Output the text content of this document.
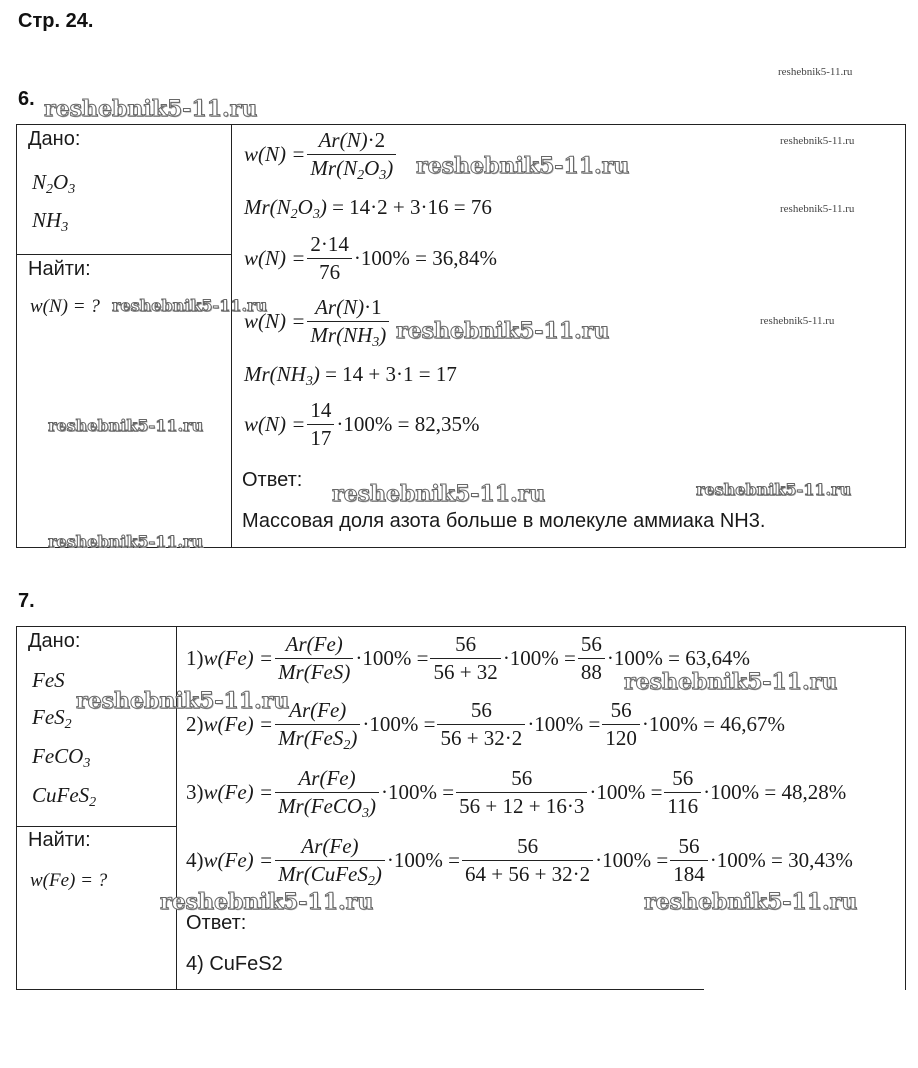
Стр. 24.
6.
Дано:
$N_2O_3$
$NH_3$
Найти:
w(N) = ?
$w(N) = \frac{Ar(N)\cdot 2}{Mr(N_2O_3)}$
$Mr(N_2O_3) = 14\cdot 2 + 3\cdot 16 = 76$
$w(N) = \frac{2\cdot 14}{76} \cdot 100\% = 36,84\%$
$w(N) = \frac{Ar(N)\cdot 1}{Mr(NH_3)}$
$Mr(NH_3) = 14 + 3\cdot 1 = 17$
$w(N) = \frac{14}{17} \cdot 100\% = 82,35\%$
Ответ:
Массовая доля азота больше в молекуле аммиака NH3.
7.
Дано:
FeS
FeS$_2$
FeCO$_3$
CuFeS$_2$
Найти:
w(Fe) = ?
$1)w(Fe) = \frac{Ar(Fe)}{\text{Mr(FeS)}} \cdot 100\% = \frac{56}{56 + 32} \cdot 100\% = \frac{56}{88} \cdot 100\% = 63,64\%$
$2)w(Fe) = \frac{Ar(Fe)}{Mr(FeS_2)} \cdot 100\% = \frac{56}{56 + 32\cdot 2} \cdot 100\% = \frac{56}{120} \cdot 100\% = 46,67\%$
$3)w(Fe) = \frac{Ar(Fe)}{Mr(FeCO_3)} \cdot 100\% = \frac{56}{56 + 12 + 16\cdot 3} \cdot 100\% = \frac{56}{116} \cdot 100\% = 48,28\%$
$4)w(Fe) = \frac{Ar(Fe)}{Mr(CuFeS_2)} \cdot 100\% = \frac{56}{64 + 56 + 32\cdot 2} \cdot 100\% = \frac{56}{184} \cdot 100\% = 30,43\%$
Ответ:
4) CuFeS2
reshebnik5-11.ru
reshebnik5-11.ru
reshebnik5-11.ru
reshebnik5-11.ru
reshebnik5-11.ru
reshebnik5-11.ru
reshebnik5-11.ru	reshebnik5-11.ru
reshebnik5-11.ru
reshebnik5-11.ru	reshebnik5-11.ru
reshebnik5-11.ru
reshebnik5-11.ru
reshebnik5-11.ru
reshebnik5-11.ru	reshebnik5-11.ru
